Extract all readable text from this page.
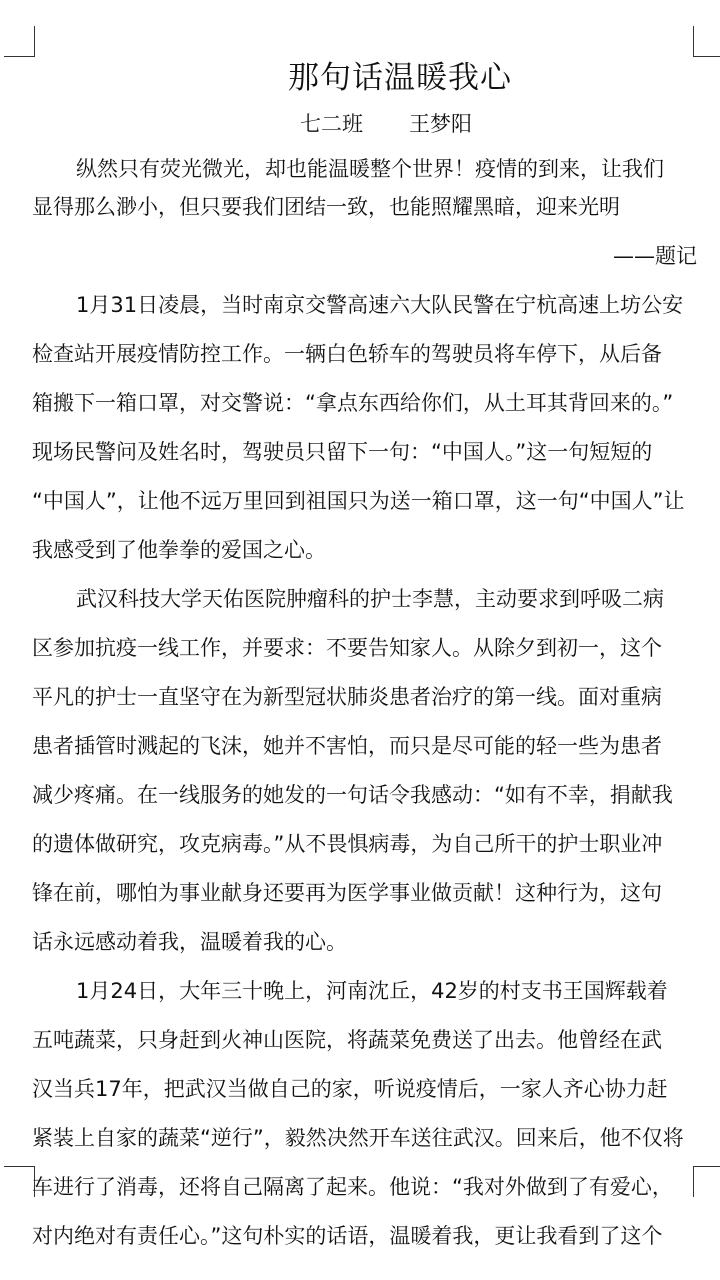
那句话温暖我心
七二班 王梦阳
纵然只有荧光微光，却也能温暖整个世界！疫情的到来，让我们
显得那么渺小，但只要我们团结一致，也能照耀黑暗，迎来光明
——题记
1月31日凌晨，当时南京交警高速六大队民警在宁杭高速上坊公安
检查站开展疫情防控工作。一辆白色轿车的驾驶员将车停下，从后备
箱搬下一箱口罩，对交警说：“拿点东西给你们，从土耳其背回来的。”
现场民警问及姓名时，驾驶员只留下一句：“中国人。”这一句短短的
“中国人”，让他不远万里回到祖国只为送一箱口罩，这一句“中国人”让
我感受到了他拳拳的爱国之心。
武汉科技大学天佑医院肿瘤科的护士李慧，主动要求到呼吸二病
区参加抗疫一线工作，并要求：不要告知家人。从除夕到初一，这个
平凡的护士一直坚守在为新型冠状肺炎患者治疗的第一线。面对重病
患者插管时溅起的飞沫，她并不害怕，而只是尽可能的轻一些为患者
减少疼痛。在一线服务的她发的一句话令我感动：“如有不幸，捐献我
的遗体做研究，攻克病毒。”从不畏惧病毒，为自己所干的护士职业冲
锋在前，哪怕为事业献身还要再为医学事业做贡献！这种行为，这句
话永远感动着我，温暖着我的心。
1月24日，大年三十晚上，河南沈丘，42岁的村支书王国辉载着
五吨蔬菜，只身赶到火神山医院，将蔬菜免费送了出去。他曾经在武
汉当兵17年，把武汉当做自己的家，听说疫情后，一家人齐心协力赶
紧装上自家的蔬菜“逆行”，毅然决然开车送往武汉。回来后，他不仅将
车进行了消毒，还将自己隔离了起来。他说：“我对外做到了有爱心，
对内绝对有责任心。”这句朴实的话语，温暖着我，更让我看到了这个
